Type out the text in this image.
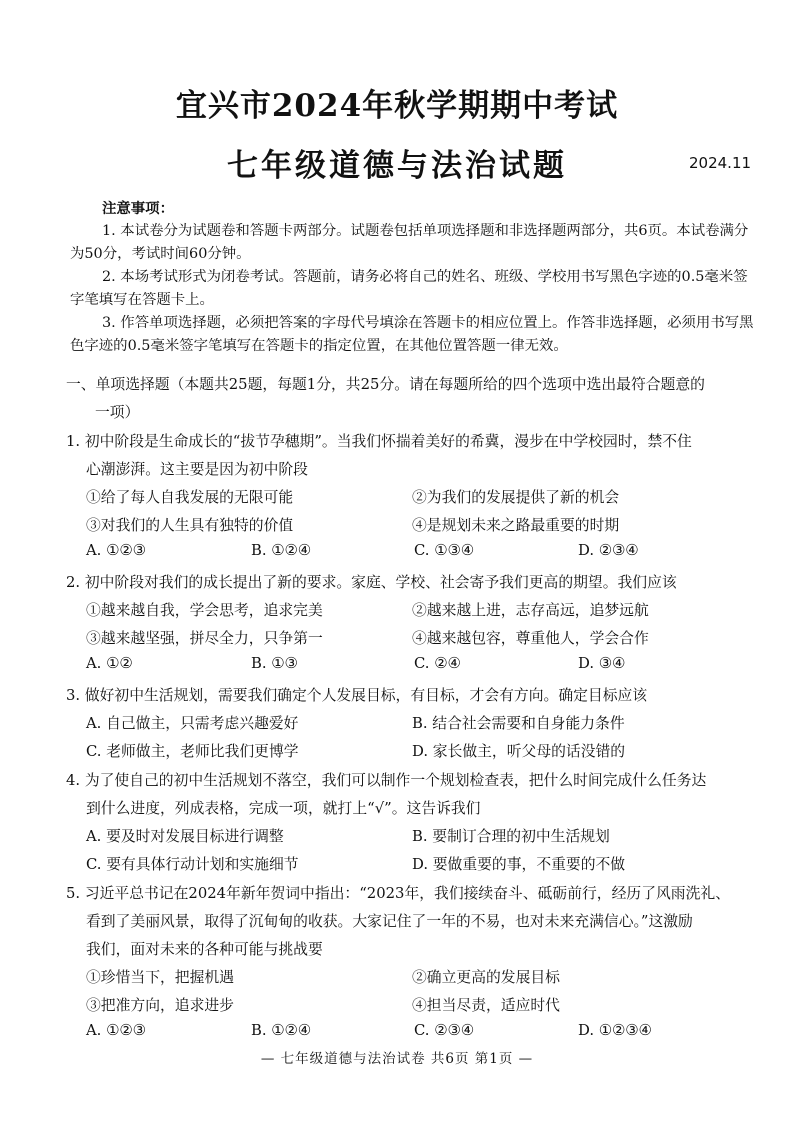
宜兴市2024年秋学期期中考试
七年级道德与法治试题	2024.11
注意事项：
1. 本试卷分为试题卷和答题卡两部分。试题卷包括单项选择题和非选择题两部分，共6页。本试卷满分为50分，考试时间60分钟。
2. 本场考试形式为闭卷考试。答题前，请务必将自己的姓名、班级、学校用书写黑色字迹的0.5毫米签字笔填写在答题卡上。
3. 作答单项选择题，必须把答案的字母代号填涂在答题卡的相应位置上。作答非选择题，必须用书写黑色字迹的0.5毫米签字笔填写在答题卡的指定位置，在其他位置答题一律无效。
一、单项选择题（本题共25题，每题1分，共25分。请在每题所给的四个选项中选出最符合题意的
一项）
1. 初中阶段是生命成长的“拔节孕穗期”。当我们怀揣着美好的希冀，漫步在中学校园时，禁不住
心潮澎湃。这主要是因为初中阶段
①给了每人自我发展的无限可能	②为我们的发展提供了新的机会
③对我们的人生具有独特的价值	④是规划未来之路最重要的时期
A. ①②③	B. ①②④	C. ①③④	D. ②③④
2. 初中阶段对我们的成长提出了新的要求。家庭、学校、社会寄予我们更高的期望。我们应该
①越来越自我，学会思考，追求完美	②越来越上进，志存高远，追梦远航
③越来越坚强，拼尽全力，只争第一	④越来越包容，尊重他人，学会合作
A. ①②	B. ①③	C. ②④	D. ③④
3. 做好初中生活规划，需要我们确定个人发展目标，有目标，才会有方向。确定目标应该
A. 自己做主，只需考虑兴趣爱好	B. 结合社会需要和自身能力条件
C. 老师做主，老师比我们更博学	D. 家长做主，听父母的话没错的
4. 为了使自己的初中生活规划不落空，我们可以制作一个规划检查表，把什么时间完成什么任务达
到什么进度，列成表格，完成一项，就打上“√”。这告诉我们
A. 要及时对发展目标进行调整	B. 要制订合理的初中生活规划
C. 要有具体行动计划和实施细节	D. 要做重要的事，不重要的不做
5. 习近平总书记在2024年新年贺词中指出：“2023年，我们接续奋斗、砥砺前行，经历了风雨洗礼、
看到了美丽风景，取得了沉甸甸的收获。大家记住了一年的不易，也对未来充满信心。”这激励
我们，面对未来的各种可能与挑战要
①珍惜当下，把握机遇	②确立更高的发展目标
③把准方向，追求进步	④担当尽责，适应时代
A. ①②③	B. ①②④	C. ②③④	D. ①②③④
— 七年级道德与法治试卷 共6页 第1页 —
